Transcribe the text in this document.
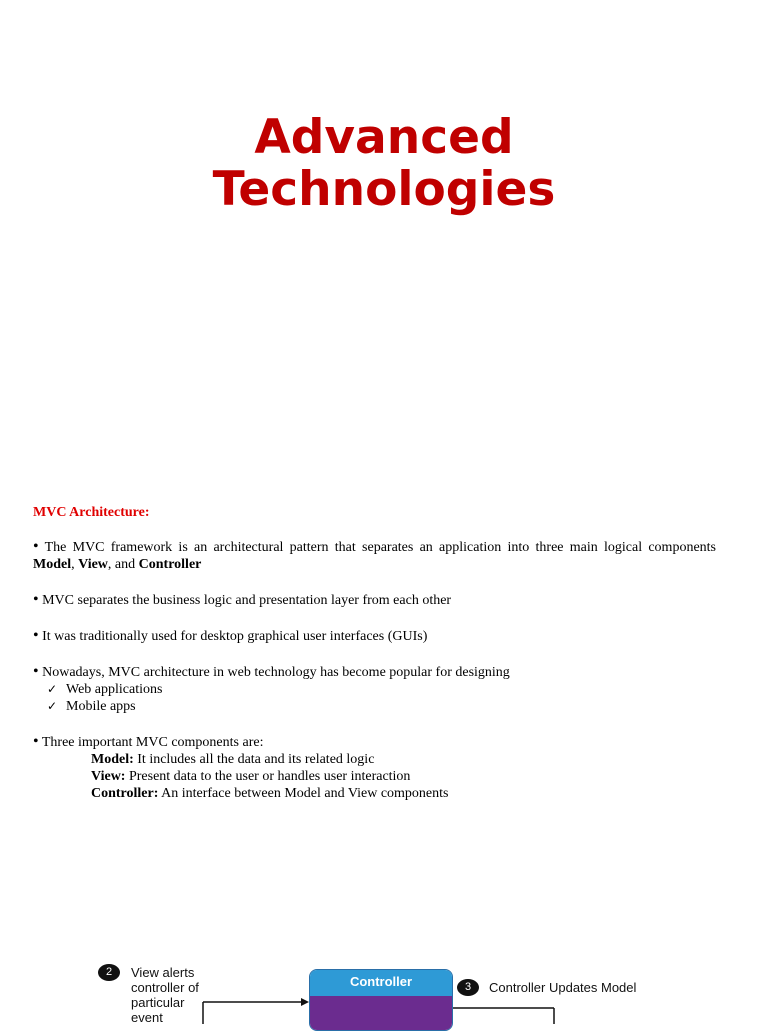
Advanced
Technologies
MVC Architecture:
• The MVC framework is an architectural pattern that separates an application into three main logical components Model, View, and Controller
• MVC separates the business logic and presentation layer from each other
• It was traditionally used for desktop graphical user interfaces (GUIs)
• Nowadays, MVC architecture in web technology has become popular for designing
✓ Web applications
✓ Mobile apps
• Three important MVC components are:
Model: It includes all the data and its related logic
View: Present data to the user or handles user interaction
Controller: An interface between Model and View components
2	View alerts
controller of
particular
event
Controller	3	Controller Updates Model
